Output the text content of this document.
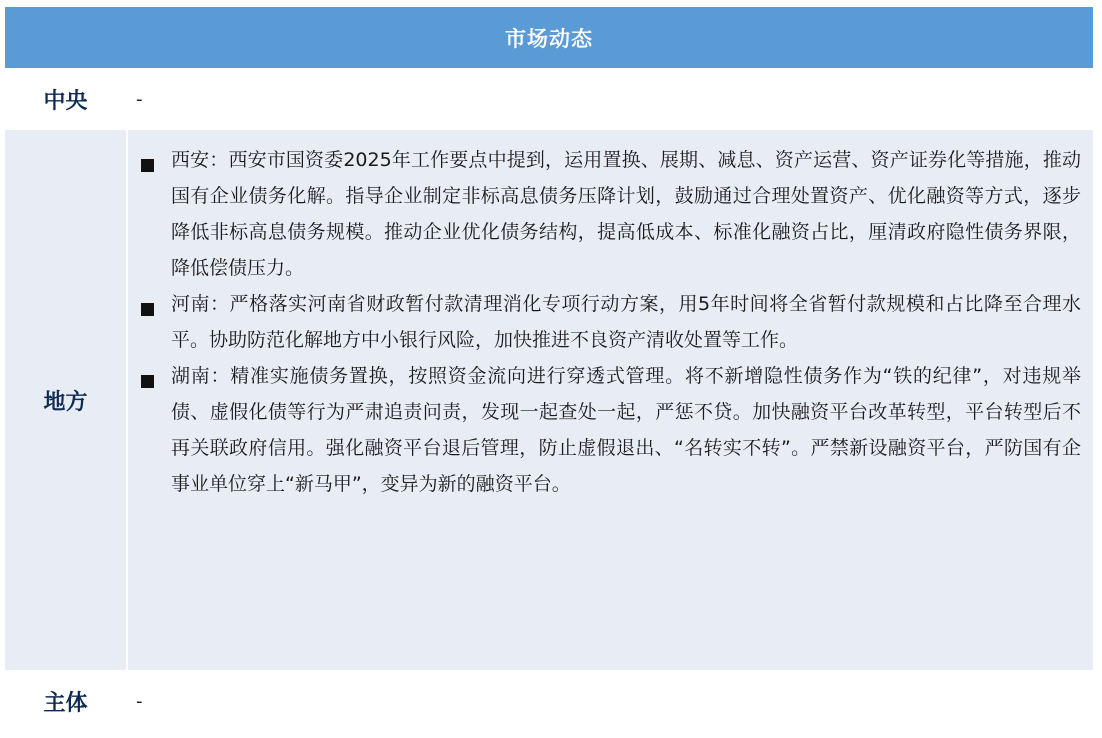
市场动态
中央	-
地方
西安：西安市国资委2025年工作要点中提到，运用置换、展期、减息、资产运营、资产证券化等措施，推动国有企业债务化解。指导企业制定非标高息债务压降计划，鼓励通过合理处置资产、优化融资等方式，逐步降低非标高息债务规模。推动企业优化债务结构，提高低成本、标准化融资占比，厘清政府隐性债务界限，降低偿债压力。
河南：严格落实河南省财政暂付款清理消化专项行动方案，用5年时间将全省暂付款规模和占比降至合理水平。协助防范化解地方中小银行风险，加快推进不良资产清收处置等工作。
湖南：精准实施债务置换，按照资金流向进行穿透式管理。将不新增隐性债务作为“铁的纪律”，对违规举债、虚假化债等行为严肃追责问责，发现一起查处一起，严惩不贷。加快融资平台改革转型，平台转型后不再关联政府信用。强化融资平台退后管理，防止虚假退出、“名转实不转”。严禁新设融资平台，严防国有企事业单位穿上“新马甲”，变异为新的融资平台。
主体	-
